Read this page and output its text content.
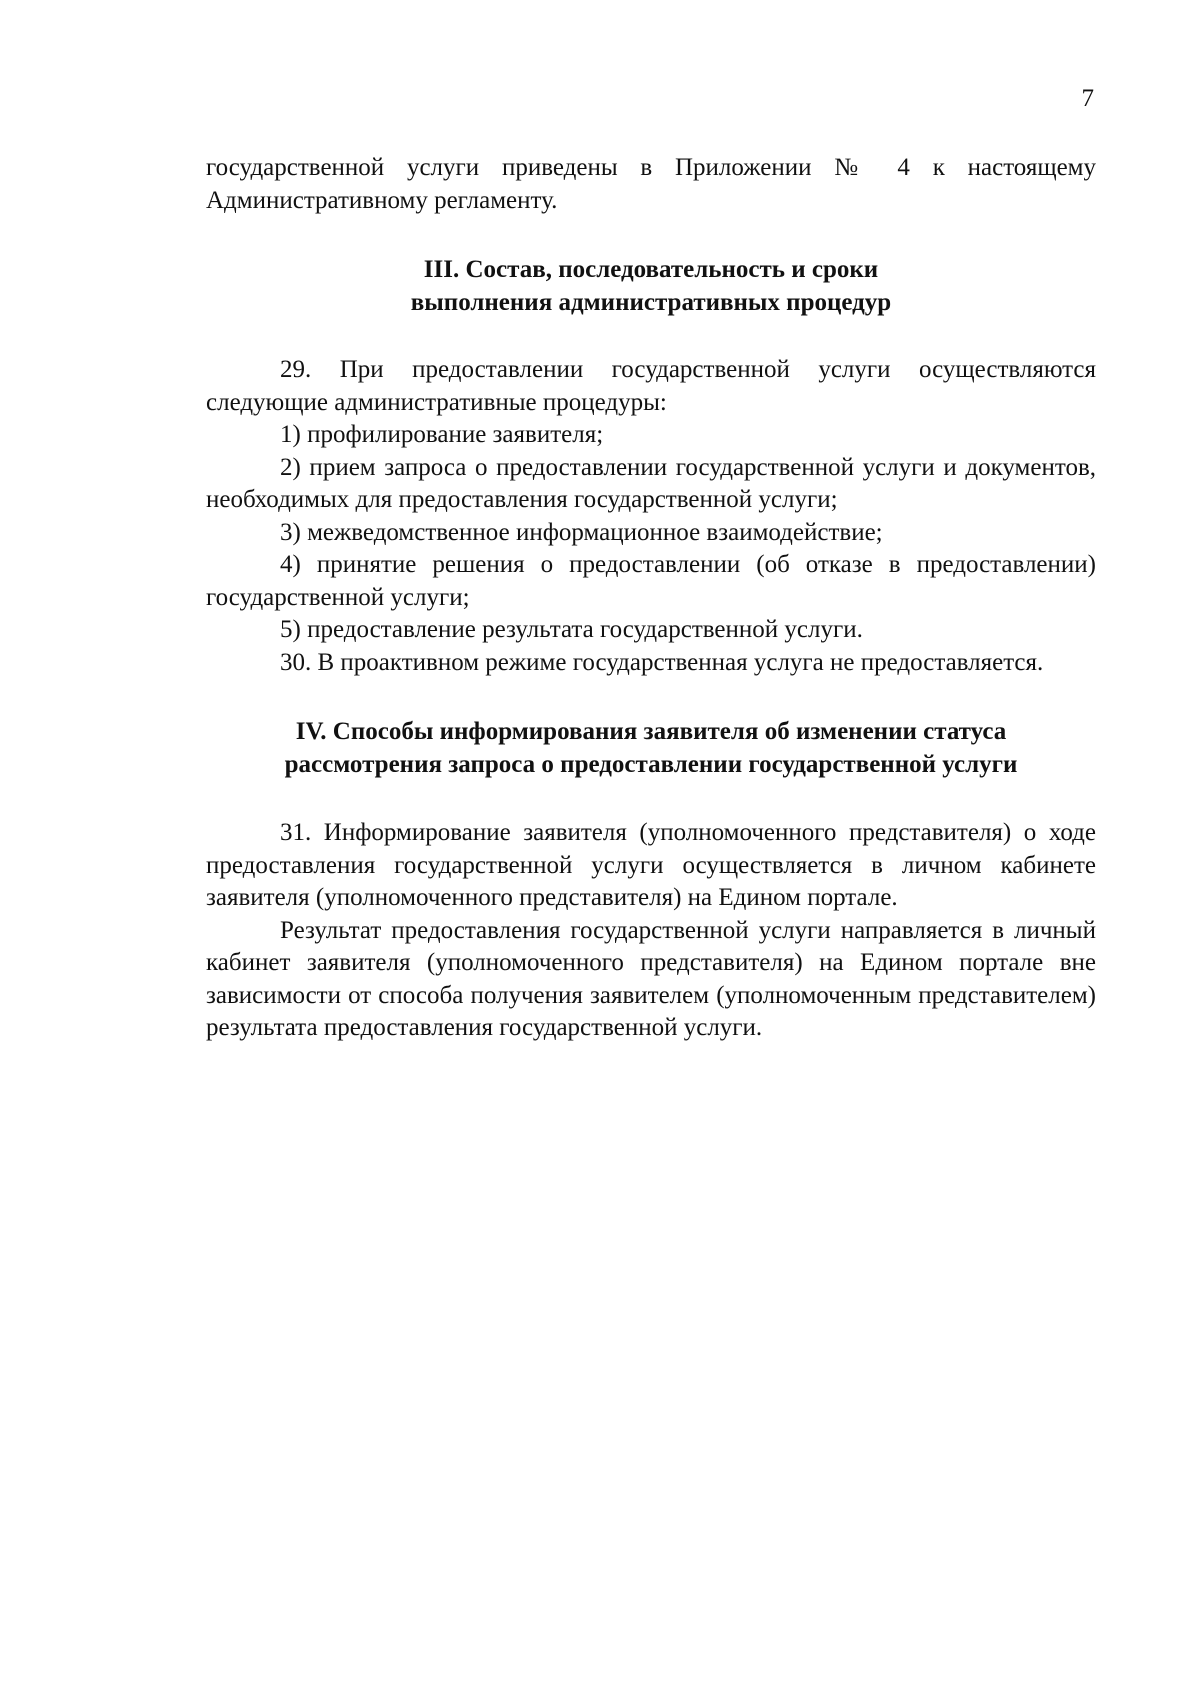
7

государственной услуги приведены в Приложении № 4 к настоящему Административному регламенту.

III. Состав, последовательность и сроки
выполнения административных процедур

29. При предоставлении государственной услуги осуществляются следующие административные процедуры:

1) профилирование заявителя;

2) прием запроса о предоставлении государственной услуги и документов, необходимых для предоставления государственной услуги;

3) межведомственное информационное взаимодействие;

4) принятие решения о предоставлении (об отказе в предоставлении) государственной услуги;

5) предоставление результата государственной услуги.

30. В проактивном режиме государственная услуга не предоставляется.

IV. Способы информирования заявителя об изменении статуса
рассмотрения запроса о предоставлении государственной услуги

31. Информирование заявителя (уполномоченного представителя) о ходе предоставления государственной услуги осуществляется в личном кабинете заявителя (уполномоченного представителя) на Едином портале.

Результат предоставления государственной услуги направляется в личный кабинет заявителя (уполномоченного представителя) на Едином портале вне зависимости от способа получения заявителем (уполномоченным представителем) результата предоставления государственной услуги.
